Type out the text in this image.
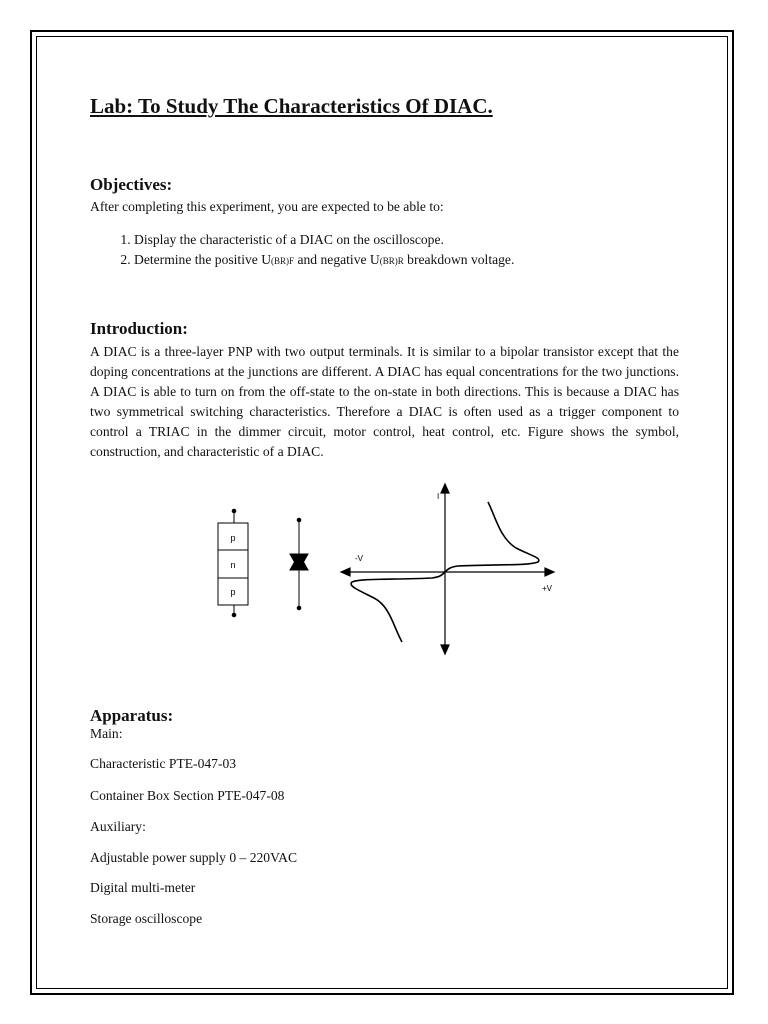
Lab: To Study The Characteristics Of DIAC.
Objectives:
After completing this experiment, you are expected to be able to:
1. Display the characteristic of a DIAC on the oscilloscope.
2. Determine the positive U(BR)F and negative U(BR)R breakdown voltage.
Introduction:
A DIAC is a three-layer PNP with two output terminals. It is similar to a bipolar transistor except that the doping concentrations at the junctions are different. A DIAC has equal concentrations for the two junctions. A DIAC is able to turn on from the off-state to the on-state in both directions. This is because a DIAC has two symmetrical switching characteristics. Therefore a DIAC is often used as a trigger component to control a TRIAC in the dimmer circuit, motor control, heat control, etc. Figure shows the symbol, construction, and characteristic of a DIAC.
p
n
p
I
-V
+V
Apparatus:
Main:
Characteristic PTE-047-03
Container Box Section PTE-047-08
Auxiliary:
Adjustable power supply 0 – 220VAC
Digital multi-meter
Storage oscilloscope
